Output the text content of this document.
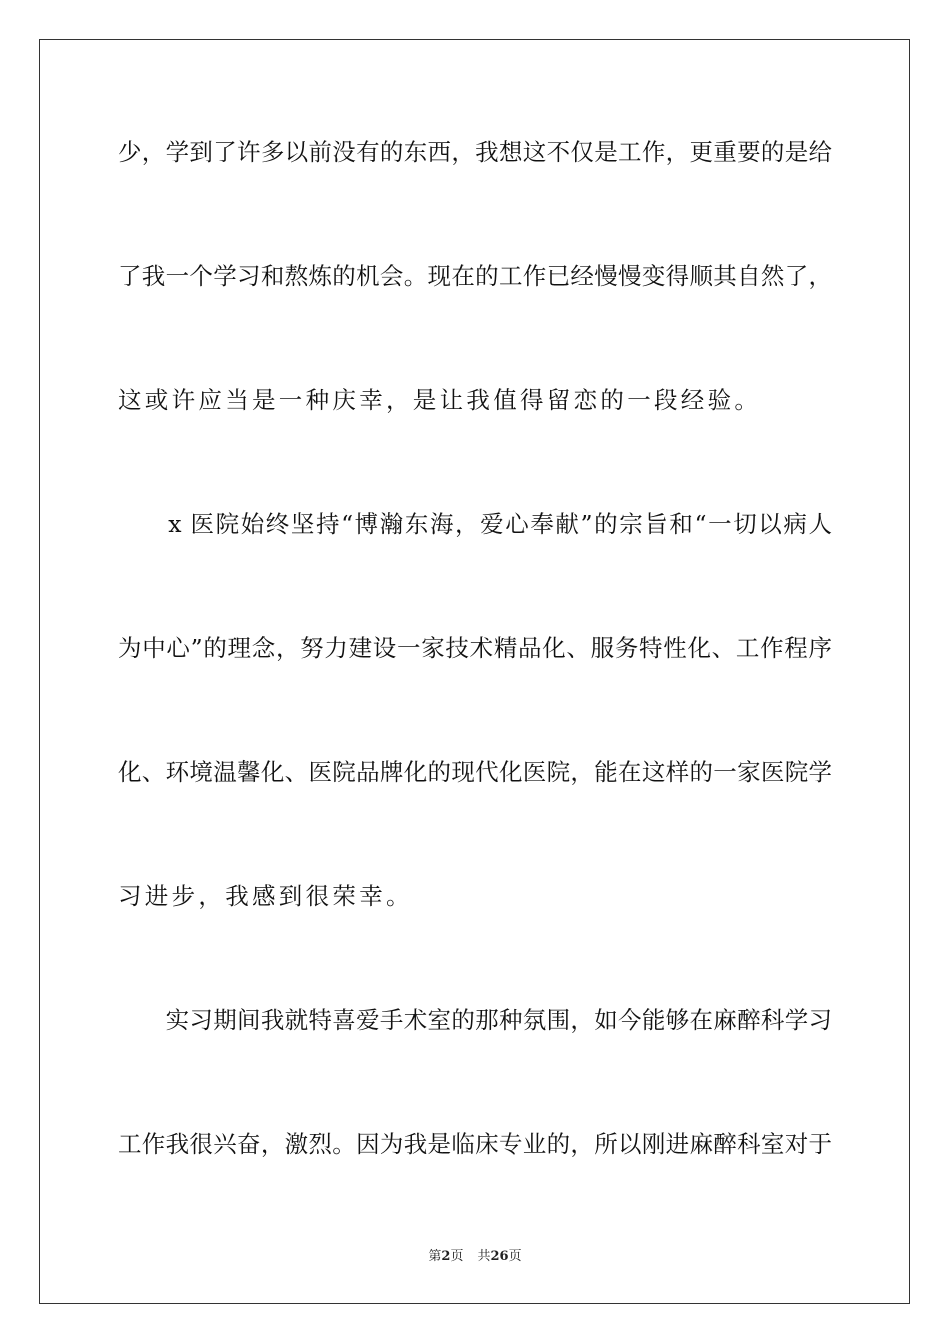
少，学到了许多以前没有的东西，我想这不仅是工作，更重要的是给
了我一个学习和熬炼的机会。现在的工作已经慢慢变得顺其自然了，
这或许应当是一种庆幸，是让我值得留恋的一段经验。
　　x 医院始终坚持“博瀚东海，爱心奉献”的宗旨和“一切以病人
为中心”的理念，努力建设一家技术精品化、服务特性化、工作程序
化、环境温馨化、医院品牌化的现代化医院，能在这样的一家医院学
习进步，我感到很荣幸。
　　实习期间我就特喜爱手术室的那种氛围，如今能够在麻醉科学习
工作我很兴奋，激烈。因为我是临床专业的，所以刚进麻醉科室对于
第2页 共26页
